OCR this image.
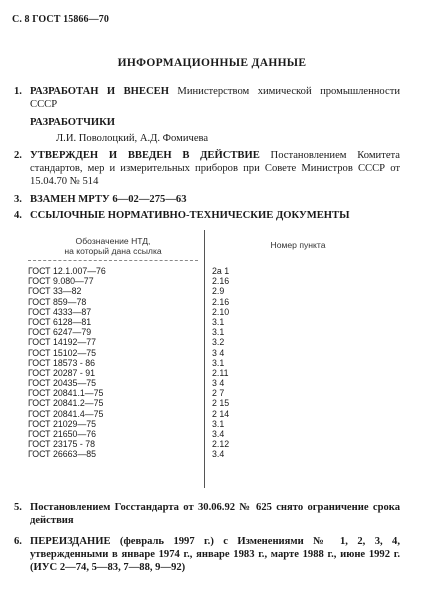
С. 8 ГОСТ 15866—70
ИНФОРМАЦИОННЫЕ ДАННЫЕ
1. РАЗРАБОТАН И ВНЕСЕН Министерством химической промышленности СССР
РАЗРАБОТЧИКИ
Л.И. Поволоцкий, А.Д. Фомичева
2. УТВЕРЖДЕН И ВВЕДЕН В ДЕЙСТВИЕ Постановлением Комитета стандартов, мер и измерительных приборов при Совете Министров СССР от 15.04.70 № 514
3. ВЗАМЕН МРТУ 6—02—275—63
4. ССЫЛОЧНЫЕ НОРМАТИВНО-ТЕХНИЧЕСКИЕ ДОКУМЕНТЫ
Обозначение НТД,
на который дана ссылка
Номер пункта
ГОСТ 12.1.007—76	2а 1
ГОСТ 9.080—77	2.16
ГОСТ 33—82	2.9
ГОСТ 859—78	2.16
ГОСТ 4333—87	2.10
ГОСТ 6128—81	3.1
ГОСТ 6247—79	3.1
ГОСТ 14192—77	3.2
ГОСТ 15102—75	3 4
ГОСТ 18573 - 86	3.1
ГОСТ 20287 - 91	2.11
ГОСТ 20435—75	3 4
ГОСТ 20841.1—75	2 7
ГОСТ 20841.2—75	2 15
ГОСТ 20841.4—75	2 14
ГОСТ 21029—75	3.1
ГОСТ 21650—76	3.4
ГОСТ 23175 - 78	2.12
ГОСТ 26663—85	3.4
5. Постановлением Госстандарта от 30.06.92 № 625 снято ограничение срока действия
6. ПЕРЕИЗДАНИЕ (февраль 1997 г.) с Изменениями № 1, 2, 3, 4, утвержденными в январе 1974 г., январе 1983 г., марте 1988 г., июне 1992 г. (ИУС 2—74, 5—83, 7—88, 9—92)
